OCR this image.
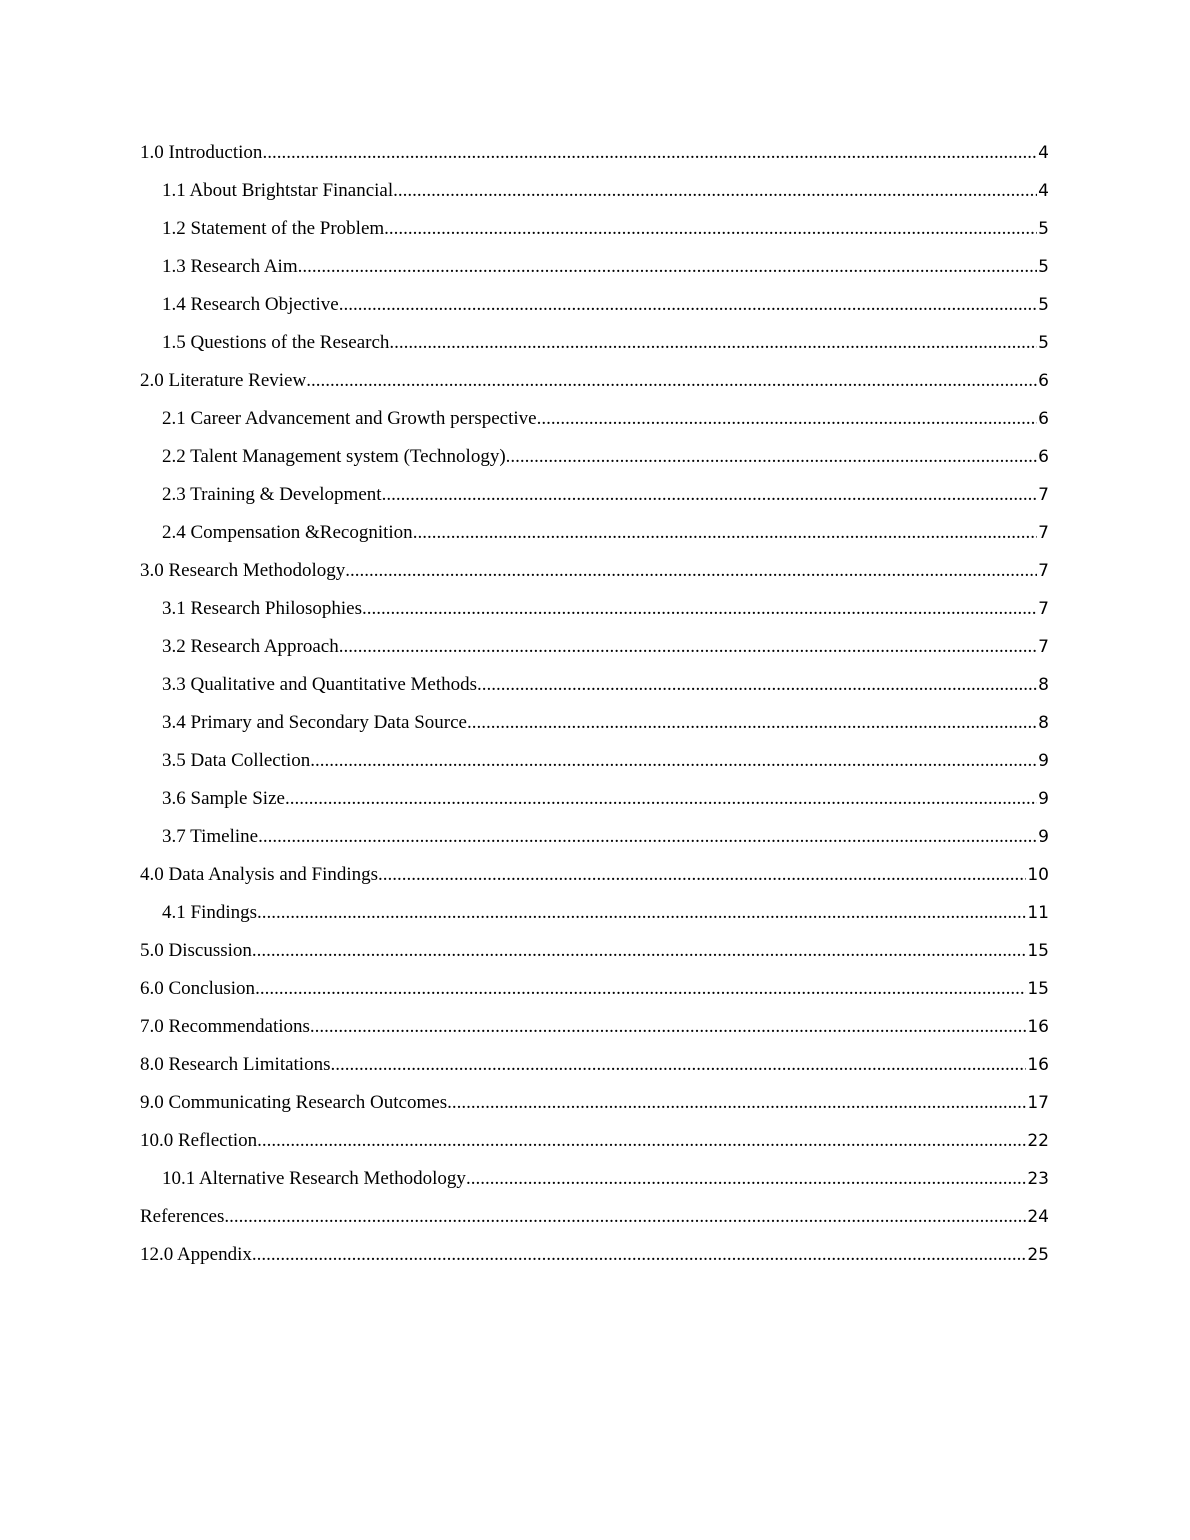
1.0 Introduction .....	4
1.1 About Brightstar Financial .....	4
1.2 Statement of the Problem .....	5
1.3 Research Aim .....	5
1.4 Research Objective .....	5
1.5 Questions of the Research .....	5
2.0 Literature Review .....	6
2.1 Career Advancement and Growth perspective .....	6
2.2 Talent Management system (Technology) .....	6
2.3 Training & Development .....	7
2.4 Compensation &Recognition .....	7
3.0 Research Methodology .....	7
3.1 Research Philosophies .....	7
3.2 Research Approach .....	7
3.3 Qualitative and Quantitative Methods .....	8
3.4 Primary and Secondary Data Source .....	8
3.5 Data Collection .....	9
3.6 Sample Size .....	9
3.7 Timeline .....	9
4.0 Data Analysis and Findings .....	10
4.1 Findings .....	11
5.0 Discussion .....	15
6.0 Conclusion .....	15
7.0 Recommendations .....	16
8.0 Research Limitations .....	16
9.0 Communicating Research Outcomes .....	17
10.0 Reflection .....	22
10.1 Alternative Research Methodology .....	23
References .....	24
12.0 Appendix .....	25
